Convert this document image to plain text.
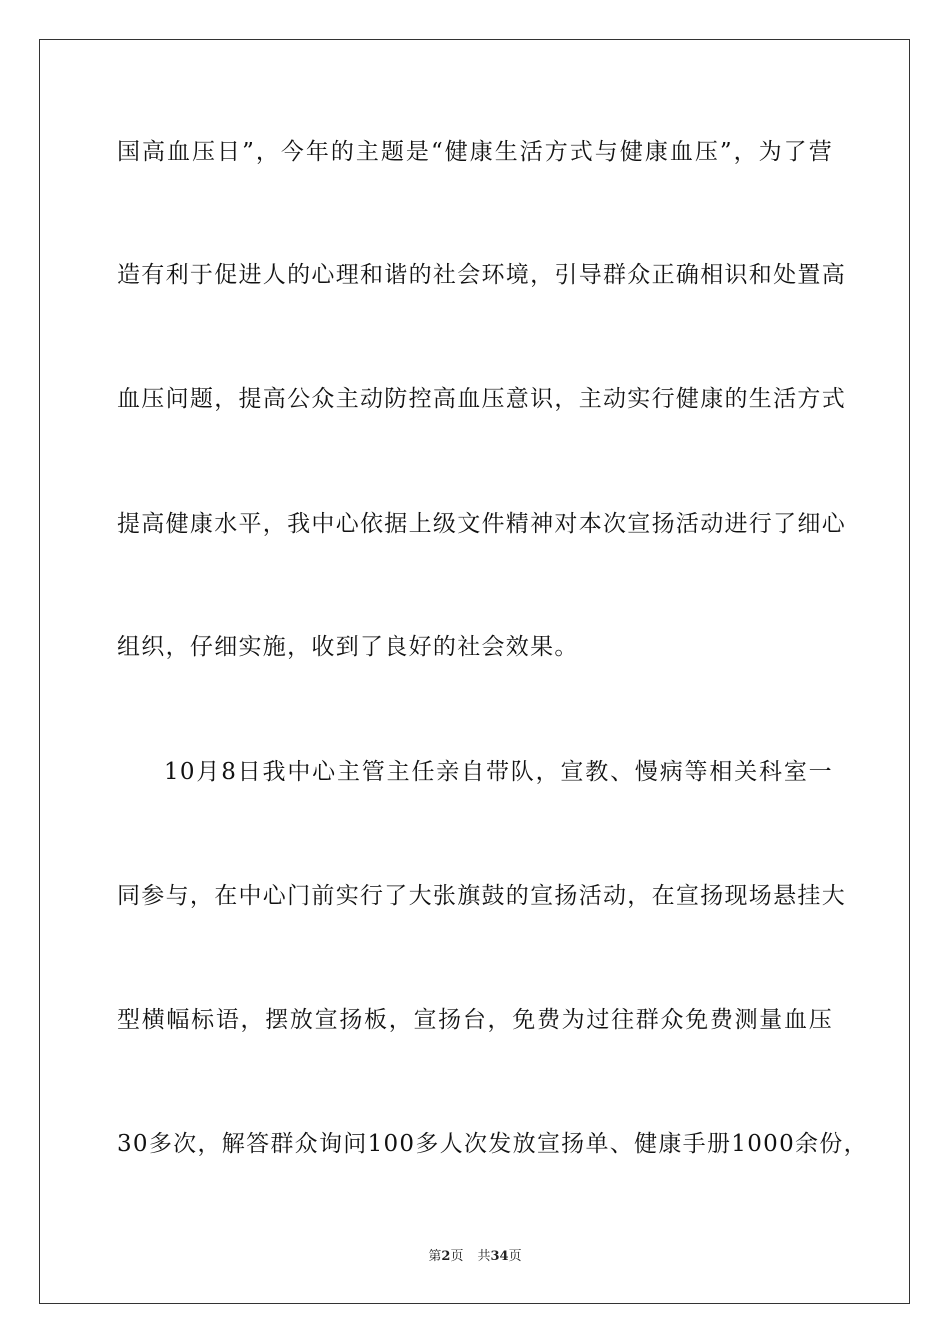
国高血压日”，今年的主题是“健康生活方式与健康血压”，为了营
造有利于促进人的心理和谐的社会环境，引导群众正确相识和处置高
血压问题，提高公众主动防控高血压意识，主动实行健康的生活方式
提高健康水平，我中心依据上级文件精神对本次宣扬活动进行了细心
组织，仔细实施，收到了良好的社会效果。
10月8日我中心主管主任亲自带队，宣教、慢病等相关科室一
同参与，在中心门前实行了大张旗鼓的宣扬活动，在宣扬现场悬挂大
型横幅标语，摆放宣扬板，宣扬台，免费为过往群众免费测量血压
30多次，解答群众询问100多人次发放宣扬单、健康手册1000余份，
第2页 共34页
